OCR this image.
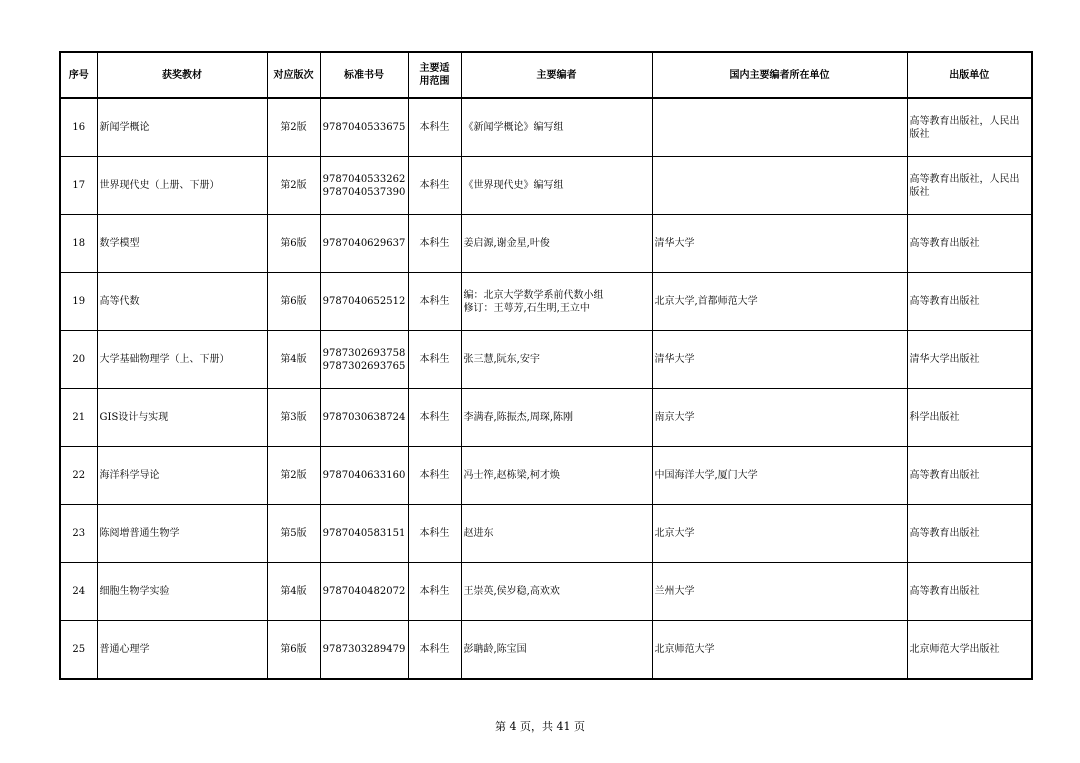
序号	获奖教材	对应版次	标准书号	主要适用范围	主要编者	国内主要编者所在单位	出版单位
16	新闻学概论	第2版	9787040533675	本科生	《新闻学概论》编写组		高等教育出版社，人民出版社
17	世界现代史（上册、下册）	第2版	9787040533262
9787040537390	本科生	《世界现代史》编写组		高等教育出版社，人民出版社
18	数学模型	第6版	9787040629637	本科生	姜启源,谢金星,叶俊	清华大学	高等教育出版社
19	高等代数	第6版	9787040652512	本科生	编：北京大学数学系前代数小组
修订：王萼芳,石生明,王立中	北京大学,首都师范大学	高等教育出版社
20	大学基础物理学（上、下册）	第4版	9787302693758
9787302693765	本科生	张三慧,阮东,安宇	清华大学	清华大学出版社
21	GIS设计与实现	第3版	9787030638724	本科生	李满春,陈振杰,周琛,陈刚	南京大学	科学出版社
22	海洋科学导论	第2版	9787040633160	本科生	冯士筰,赵栋梁,柯才焕	中国海洋大学,厦门大学	高等教育出版社
23	陈阅增普通生物学	第5版	9787040583151	本科生	赵进东	北京大学	高等教育出版社
24	细胞生物学实验	第4版	9787040482072	本科生	王崇英,侯岁稳,高欢欢	兰州大学	高等教育出版社
25	普通心理学	第6版	9787303289479	本科生	彭聃龄,陈宝国	北京师范大学	北京师范大学出版社
第 4 页，共 41 页
